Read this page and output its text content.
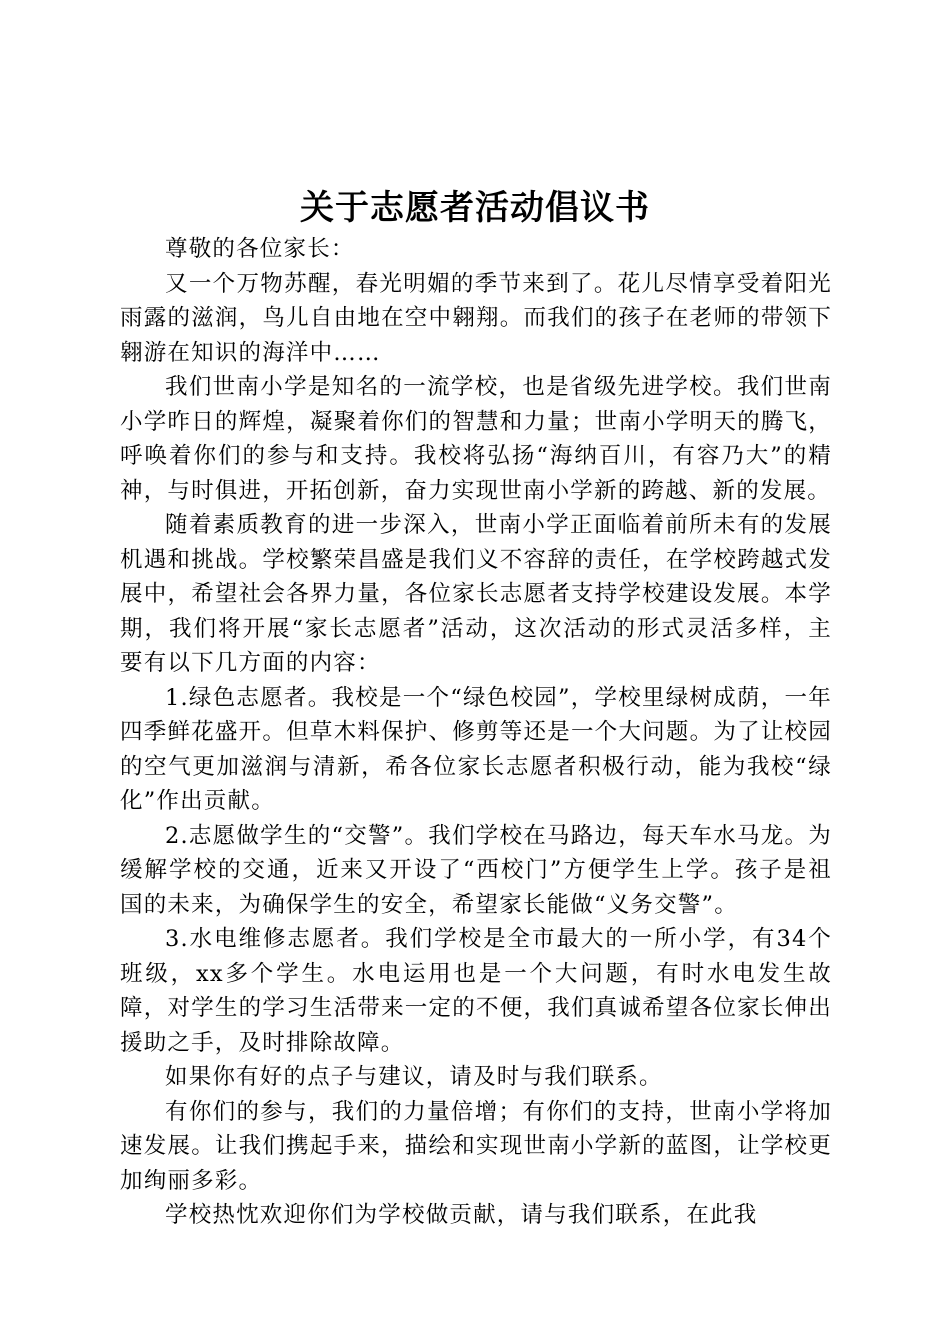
关于志愿者活动倡议书

尊敬的各位家长：

又一个万物苏醒，春光明媚的季节来到了。花儿尽情享受着阳光雨露的滋润，鸟儿自由地在空中翱翔。而我们的孩子在老师的带领下翱游在知识的海洋中……

我们世南小学是知名的一流学校，也是省级先进学校。我们世南小学昨日的辉煌，凝聚着你们的智慧和力量；世南小学明天的腾飞，呼唤着你们的参与和支持。我校将弘扬“海纳百川，有容乃大”的精神，与时俱进，开拓创新，奋力实现世南小学新的跨越、新的发展。

随着素质教育的进一步深入，世南小学正面临着前所未有的发展机遇和挑战。学校繁荣昌盛是我们义不容辞的责任，在学校跨越式发展中，希望社会各界力量，各位家长志愿者支持学校建设发展。本学期，我们将开展“家长志愿者”活动，这次活动的形式灵活多样，主要有以下几方面的内容：

1.绿色志愿者。我校是一个“绿色校园”，学校里绿树成荫，一年四季鲜花盛开。但草木料保护、修剪等还是一个大问题。为了让校园的空气更加滋润与清新，希各位家长志愿者积极行动，能为我校“绿化”作出贡献。

2.志愿做学生的“交警”。我们学校在马路边，每天车水马龙。为缓解学校的交通，近来又开设了“西校门”方便学生上学。孩子是祖国的未来，为确保学生的安全，希望家长能做“义务交警”。

3.水电维修志愿者。我们学校是全市最大的一所小学，有34个班级，xx多个学生。水电运用也是一个大问题，有时水电发生故障，对学生的学习生活带来一定的不便，我们真诚希望各位家长伸出援助之手，及时排除故障。

如果你有好的点子与建议，请及时与我们联系。

有你们的参与，我们的力量倍增；有你们的支持，世南小学将加速发展。让我们携起手来，描绘和实现世南小学新的蓝图，让学校更加绚丽多彩。

学校热忱欢迎你们为学校做贡献，请与我们联系，在此我
